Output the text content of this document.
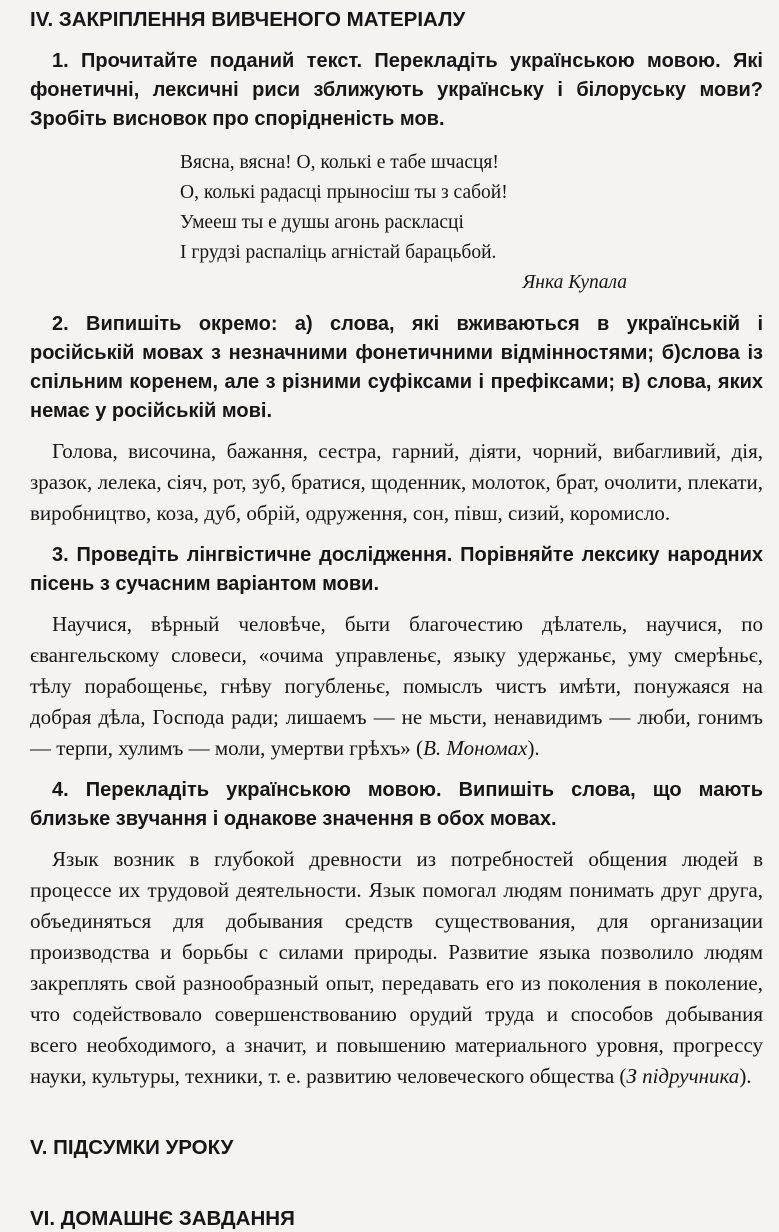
IV. ЗАКРІПЛЕННЯ ВИВЧЕНОГО МАТЕРІАЛУ

1. Прочитайте поданий текст. Перекладіть українською мовою. Які фонетичні, лексичні риси зближують українську і білоруську мови? Зробіть висновок про спорідненість мов.

Вясна, вясна! О, колькі е табе шчасця!
О, колькі радасці прыносіш ты з сабой!
Умееш ты е душы агонь раскласці
І грудзі распаліць агністай барацьбой.
Янка Купала

2. Випишіть окремо: а) слова, які вживаються в українській і російській мовах з незначними фонетичними відмінностями; б)слова із спільним коренем, але з різними суфіксами і префіксами; в) слова, яких немає у російській мові.

Голова, височина, бажання, сестра, гарний, діяти, чорний, вибагливий, дія, зразок, лелека, сіяч, рот, зуб, братися, щоденник, молоток, брат, очолити, плекати, виробництво, коза, дуб, обрій, одруження, сон, півш, сизий, коромисло.

3. Проведіть лінгвістичне дослідження. Порівняйте лексику народних пісень з сучасним варіантом мови.

Научися, вѣрный человѣче, быти благочестию дѣлатель, научися, по євангельскому словеси, «очима управленьє, языку удержаньє, уму смерѣньє, тѣлу порабощеньє, гнѣву погубленьє, помыслъ чистъ имѣти, понужаяся на добрая дѣла, Господа ради; лишаемъ — не мьсти, ненавидимъ — люби, гонимъ — терпи, хулимъ — моли, умертви грѣхъ» (В. Мономах).

4. Перекладіть українською мовою. Випишіть слова, що мають близьке звучання і однакове значення в обох мовах.

Язык возник в глубокой древности из потребностей общения людей в процессе их трудовой деятельности. Язык помогал людям понимать друг друга, объединяться для добывания средств существования, для организации производства и борьбы с силами природы. Развитие языка позволило людям закреплять свой разнообразный опыт, передавать его из поколения в поколение, что содействовало совершенствованию орудий труда и способов добывания всего необходимого, а значит, и повышению материального уровня, прогрессу науки, культуры, техники, т. е. развитию человеческого общества (З підручника).

V. ПІДСУМКИ УРОКУ
VI. ДОМАШНЄ ЗАВДАННЯ
